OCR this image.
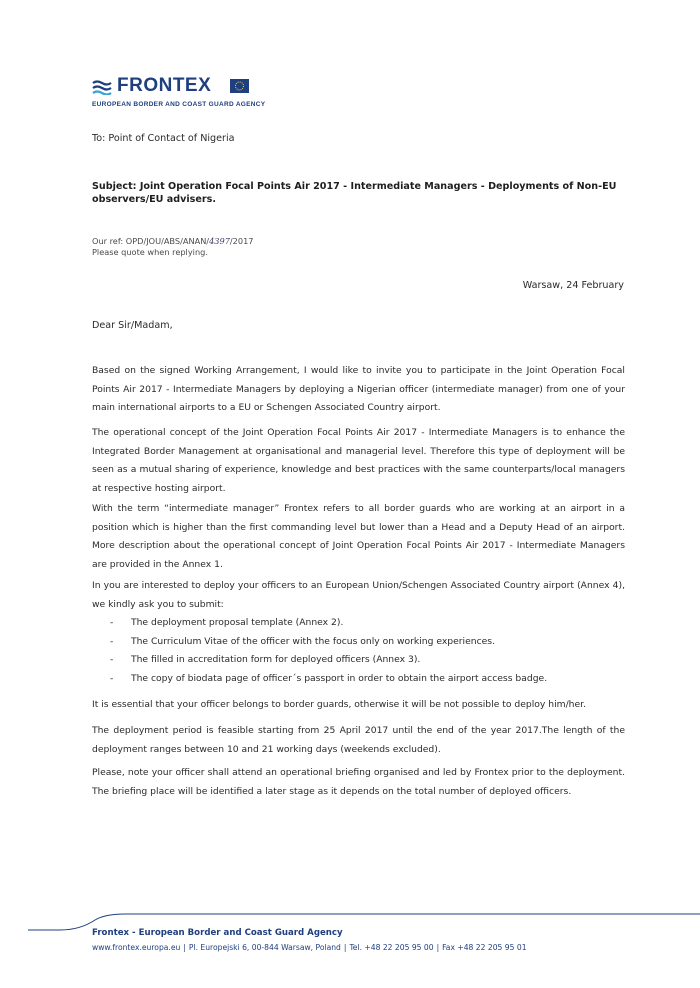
FRONTEX
EUROPEAN BORDER AND COAST GUARD AGENCY
To: Point of Contact of Nigeria
Subject: Joint Operation Focal Points Air 2017 - Intermediate Managers - Deployments of Non-EU observers/EU advisers.
Our ref: OPD/JOU/ABS/ANAN/4397/2017
Please quote when replying.
Warsaw, 24 February
Dear Sir/Madam,
Based on the signed Working Arrangement, I would like to invite you to participate in the Joint Operation Focal Points Air 2017 - Intermediate Managers by deploying a Nigerian officer (intermediate manager) from one of your main international airports to a EU or Schengen Associated Country airport.
The operational concept of the Joint Operation Focal Points Air 2017 - Intermediate Managers is to enhance the Integrated Border Management at organisational and managerial level. Therefore this type of deployment will be seen as a mutual sharing of experience, knowledge and best practices with the same counterparts/local managers at respective hosting airport.
With the term “intermediate manager” Frontex refers to all border guards who are working at an airport in a position which is higher than the first commanding level but lower than a Head and a Deputy Head of an airport. More description about the operational concept of Joint Operation Focal Points Air 2017 - Intermediate Managers are provided in the Annex 1.
In you are interested to deploy your officers to an European Union/Schengen Associated Country airport (Annex 4), we kindly ask you to submit:
- The deployment proposal template (Annex 2).
- The Curriculum Vitae of the officer with the focus only on working experiences.
- The filled in accreditation form for deployed officers (Annex 3).
- The copy of biodata page of officer´s passport in order to obtain the airport access badge.
It is essential that your officer belongs to border guards, otherwise it will be not possible to deploy him/her.
The deployment period is feasible starting from 25 April 2017 until the end of the year 2017.The length of the deployment ranges between 10 and 21 working days (weekends excluded).
Please, note your officer shall attend an operational briefing organised and led by Frontex prior to the deployment. The briefing place will be identified a later stage as it depends on the total number of deployed officers.
Frontex - European Border and Coast Guard Agency
www.frontex.europa.eu | Pl. Europejski 6, 00-844 Warsaw, Poland | Tel. +48 22 205 95 00 | Fax +48 22 205 95 01
